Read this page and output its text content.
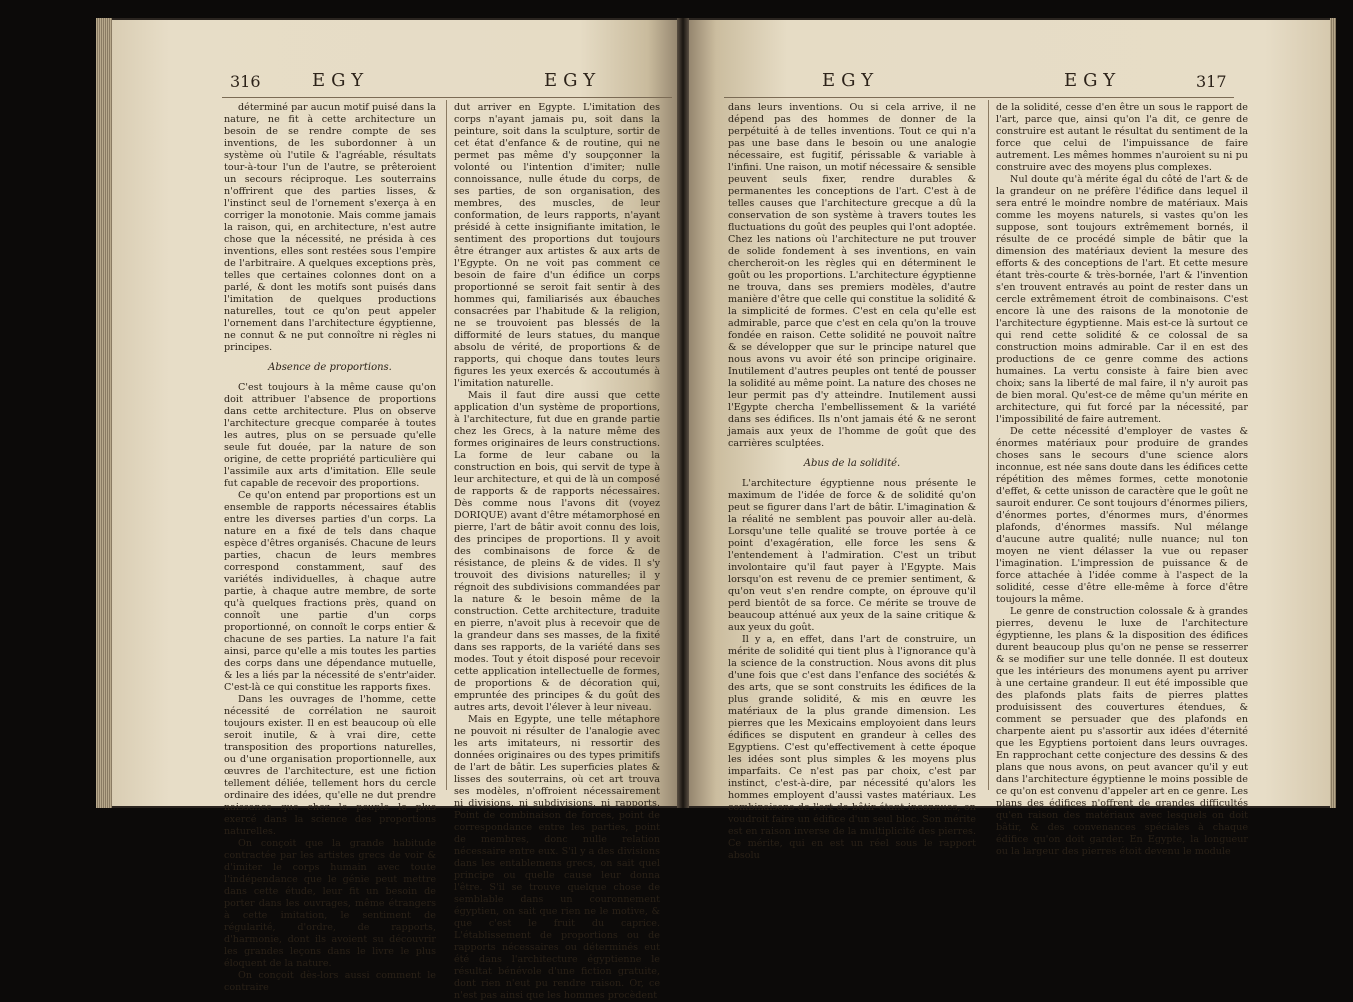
316	EGY	EGY

déterminé par aucun motif puisé dans la nature, ne fit à cette architecture un besoin de se rendre compte de ses inventions, de les subordonner à un système où l'utile & l'agréable, résultats tour-à-tour l'un de l'autre, se prêteroient un secours réciproque. Les souterrains n'offrirent que des parties lisses, & l'instinct seul de l'ornement s'exerça à en corriger la monotonie. Mais comme jamais la raison, qui, en architecture, n'est autre chose que la nécessité, ne présida à ces inventions, elles sont restées sous l'empire de l'arbitraire. A quelques exceptions près, telles que certaines colonnes dont on a parlé, & dont les motifs sont puisés dans l'imitation de quelques productions naturelles, tout ce qu'on peut appeler l'ornement dans l'architecture égyptienne, ne connut & ne put connoître ni règles ni principes.

Absence de proportions.

C'est toujours à la même cause qu'on doit attribuer l'absence de proportions dans cette architecture. Plus on observe l'architecture grecque comparée à toutes les autres, plus on se persuade qu'elle seule fut douée, par la nature de son origine, de cette propriété particulière qui l'assimile aux arts d'imitation. Elle seule fut capable de recevoir des proportions.

Ce qu'on entend par proportions est un ensemble de rapports nécessaires établis entre les diverses parties d'un corps. La nature en a fixé de tels dans chaque espèce d'êtres organisés. Chacune de leurs parties, chacun de leurs membres correspond constamment, sauf des variétés individuelles, à chaque autre partie, à chaque autre membre, de sorte qu'à quelques fractions près, quand on connoît une partie d'un corps proportionné, on connoît le corps entier & chacune de ses parties. La nature l'a fait ainsi, parce qu'elle a mis toutes les parties des corps dans une dépendance mutuelle, & les a liés par la nécessité de s'entr'aider. C'est-là ce qui constitue les rapports fixes.

Dans les ouvrages de l'homme, cette nécessité de corrélation ne sauroit toujours exister. Il en est beaucoup où elle seroit inutile, & à vrai dire, cette transposition des proportions naturelles, ou d'une organisation proportionnelle, aux œuvres de l'architecture, est une fiction tellement déliée, tellement hors du cercle ordinaire des idées, qu'elle ne dut prendre naissance que chez le peuple le plus exercé dans la science des proportions naturelles.

On conçoit que la grande habitude contractée par les artistes grecs de voir & d'imiter le corps humain avec toute l'indépendance que le génie peut mettre dans cette étude, leur fit un besoin de porter dans les ouvrages, même étrangers à cette imitation, le sentiment de régularité, d'ordre, de rapports, d'harmonie, dont ils avoient su découvrir les grandes leçons dans le livre le plus éloquent de la nature.

On conçoit dès-lors aussi comment le contraire

dut arriver en Egypte. L'imitation des corps n'ayant jamais pu, soit dans la peinture, soit dans la sculpture, sortir de cet état d'enfance & de routine, qui ne permet pas même d'y soupçonner la volonté ou l'intention d'imiter; nulle connoissance, nulle étude du corps, de ses parties, de son organisation, des membres, des muscles, de leur conformation, de leurs rapports, n'ayant présidé à cette insignifiante imitation, le sentiment des proportions dut toujours être étranger aux artistes & aux arts de l'Egypte. On ne voit pas comment ce besoin de faire d'un édifice un corps proportionné se seroit fait sentir à des hommes qui, familiarisés aux ébauches consacrées par l'habitude & la religion, ne se trouvoient pas blessés de la difformité de leurs statues, du manque absolu de vérité, de proportions & de rapports, qui choque dans toutes leurs figures les yeux exercés & accoutumés à l'imitation naturelle.

Mais il faut dire aussi que cette application d'un système de proportions, à l'architecture, fut due en grande partie chez les Grecs, à la nature même des formes originaires de leurs constructions. La forme de leur cabane ou la construction en bois, qui servit de type à leur architecture, et qui de là un composé de rapports & de rapports nécessaires. Dès comme nous l'avons dit (voyez DORIQUE) avant d'être métamorphosé en pierre, l'art de bâtir avoit connu des lois, des principes de proportions. Il y avoit des combinaisons de force & de résistance, de pleins & de vides. Il s'y trouvoit des divisions naturelles; il y régnoit des subdivisions commandées par la nature & le besoin même de la construction. Cette architecture, traduite en pierre, n'avoit plus à recevoir que de la grandeur dans ses masses, de la fixité dans ses rapports, de la variété dans ses modes. Tout y étoit disposé pour recevoir cette application intellectuelle de formes, de proportions & de décoration qui, empruntée des principes & du goût des autres arts, devoit l'élever à leur niveau.

Mais en Egypte, une telle métaphore ne pouvoit ni résulter de l'analogie avec les arts imitateurs, ni ressortir des données originaires ou des types primitifs de l'art de bâtir. Les superficies plates & lisses des souterrains, où cet art trouva ses modèles, n'offroient nécessairement ni divisions, ni subdivisions, ni rapports. Point de combinaison de forces, point de correspondance entre les parties, point de membres, donc nulle relation nécessaire entre eux. S'il y a des divisions dans les entablemens grecs, on sait quel principe ou quelle cause leur donna l'être. S'il se trouve quelque chose de semblable dans un couronnement égyptien, on sait que rien ne le motive, & que c'est le fruit du caprice. L'établissement de proportions ou de rapports nécessaires ou déterminés eut été dans l'architecture égyptienne le résultat bénévole d'une fiction gratuite, dont rien n'eut pu rendre raison. Or, ce n'est pas ainsi que les hommes procèdent

EGY	EGY	317

dans leurs inventions. Ou si cela arrive, il ne dépend pas des hommes de donner de la perpétuité à de telles inventions. Tout ce qui n'a pas une base dans le besoin ou une analogie nécessaire, est fugitif, périssable & variable à l'infini. Une raison, un motif nécessaire & sensible peuvent seuls fixer, rendre durables & permanentes les conceptions de l'art. C'est à de telles causes que l'architecture grecque a dû la conservation de son système à travers toutes les fluctuations du goût des peuples qui l'ont adoptée. Chez les nations où l'architecture ne put trouver de solide fondement à ses inventions, en vain chercheroit-on les règles qui en déterminent le goût ou les proportions. L'architecture égyptienne ne trouva, dans ses premiers modèles, d'autre manière d'être que celle qui constitue la solidité & la simplicité de formes. C'est en cela qu'elle est admirable, parce que c'est en cela qu'on la trouve fondée en raison. Cette solidité ne pouvoit naître & se développer que sur le principe naturel que nous avons vu avoir été son principe originaire. Inutilement d'autres peuples ont tenté de pousser la solidité au même point. La nature des choses ne leur permit pas d'y atteindre. Inutilement aussi l'Egypte chercha l'embellissement & la variété dans ses édifices. Ils n'ont jamais été & ne seront jamais aux yeux de l'homme de goût que des carrières sculptées.

Abus de la solidité.

L'architecture égyptienne nous présente le maximum de l'idée de force & de solidité qu'on peut se figurer dans l'art de bâtir. L'imagination & la réalité ne semblent pas pouvoir aller au-delà. Lorsqu'une telle qualité se trouve portée à ce point d'exagération, elle force les sens & l'entendement à l'admiration. C'est un tribut involontaire qu'il faut payer à l'Egypte. Mais lorsqu'on est revenu de ce premier sentiment, & qu'on veut s'en rendre compte, on éprouve qu'il perd bientôt de sa force. Ce mérite se trouve de beaucoup atténué aux yeux de la saine critique & aux yeux du goût.

Il y a, en effet, dans l'art de construire, un mérite de solidité qui tient plus à l'ignorance qu'à la science de la construction. Nous avons dit plus d'une fois que c'est dans l'enfance des sociétés & des arts, que se sont construits les édifices de la plus grande solidité, & mis en œuvre les matériaux de la plus grande dimension. Les pierres que les Mexicains employoient dans leurs édifices se disputent en grandeur à celles des Egyptiens. C'est qu'effectivement à cette époque les idées sont plus simples & les moyens plus imparfaits. Ce n'est pas par choix, c'est par instinct, c'est-à-dire, par nécessité qu'alors les hommes employent d'aussi vastes matériaux. Les combinaisons de l'art de bâtir étant inconnues, on voudroit faire un édifice d'un seul bloc. Son mérite est en raison inverse de la multiplicité des pierres. Ce mérite, qui en est un réel sous le rapport absolu

de la solidité, cesse d'en être un sous le rapport de l'art, parce que, ainsi qu'on l'a dit, ce genre de construire est autant le résultat du sentiment de la force que celui de l'impuissance de faire autrement. Les mêmes hommes n'auroient su ni pu construire avec des moyens plus complexes.

Nul doute qu'à mérite égal du côté de l'art & de la grandeur on ne préfère l'édifice dans lequel il sera entré le moindre nombre de matériaux. Mais comme les moyens naturels, si vastes qu'on les suppose, sont toujours extrêmement bornés, il résulte de ce procédé simple de bâtir que la dimension des matériaux devient la mesure des efforts & des conceptions de l'art. Et cette mesure étant très-courte & très-bornée, l'art & l'invention s'en trouvent entravés au point de rester dans un cercle extrêmement étroit de combinaisons. C'est encore là une des raisons de la monotonie de l'architecture égyptienne. Mais est-ce là surtout ce qui rend cette solidité & ce colossal de sa construction moins admirable. Car il en est des productions de ce genre comme des actions humaines. La vertu consiste à faire bien avec choix; sans la liberté de mal faire, il n'y auroit pas de bien moral. Qu'est-ce de même qu'un mérite en architecture, qui fut forcé par la nécessité, par l'impossibilité de faire autrement.

De cette nécessité d'employer de vastes & énormes matériaux pour produire de grandes choses sans le secours d'une science alors inconnue, est née sans doute dans les édifices cette répétition des mêmes formes, cette monotonie d'effet, & cette unisson de caractère que le goût ne sauroit endurer. Ce sont toujours d'énormes piliers, d'énormes portes, d'énormes murs, d'énormes plafonds, d'énormes massifs. Nul mélange d'aucune autre qualité; nulle nuance; nul ton moyen ne vient délasser la vue ou repaser l'imagination. L'impression de puissance & de force attachée à l'idée comme à l'aspect de la solidité, cesse d'être elle-même à force d'être toujours la même.

Le genre de construction colossale & à grandes pierres, devenu le luxe de l'architecture égyptienne, les plans & la disposition des édifices durent beaucoup plus qu'on ne pense se resserrer & se modifier sur une telle donnée. Il est douteux que les intérieurs des monumens ayent pu arriver à une certaine grandeur. Il eut été impossible que des plafonds plats faits de pierres plattes produisissent des couvertures étendues, & comment se persuader que des plafonds en charpente aient pu s'assortir aux idées d'éternité que les Egyptiens portoient dans leurs ouvrages. En rapprochant cette conjecture des dessins & des plans que nous avons, on peut avancer qu'il y eut dans l'architecture égyptienne le moins possible de ce qu'on est convenu d'appeler art en ce genre. Les plans des édifices n'offrent de grandes difficultés qu'en raison des matériaux avec lesquels on doit bâtir, & des convenances spéciales à chaque édifice qu'on doit garder. En Egypte, la longueur ou la largeur des pierres étoit devenu le module
